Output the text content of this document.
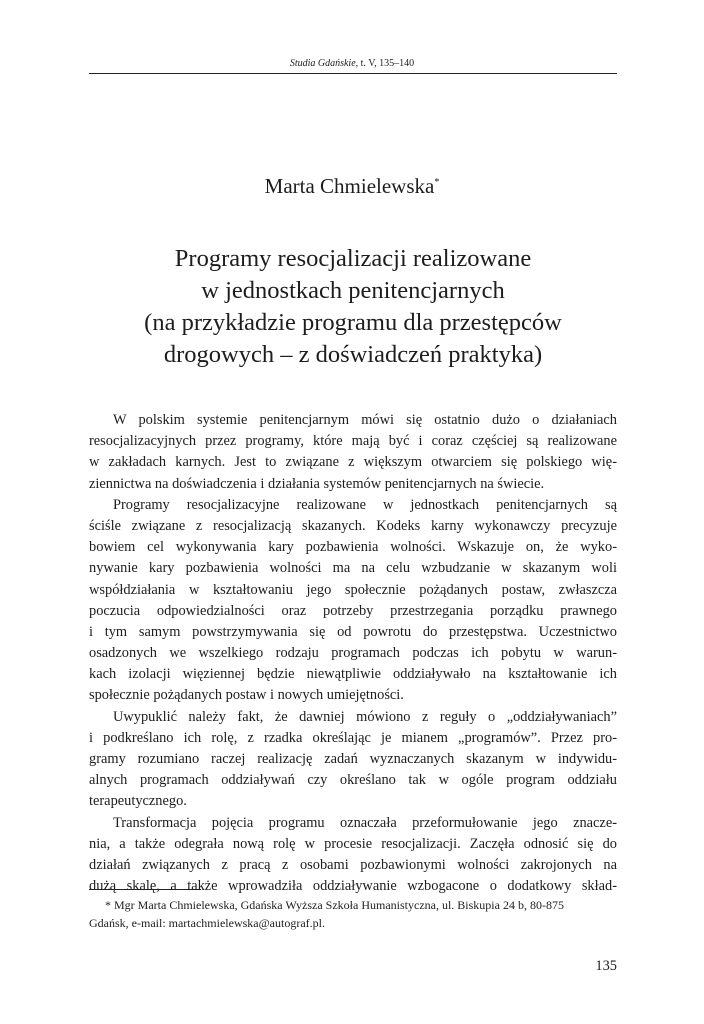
Studia Gdańskie, t. V, 135–140
Marta Chmielewska*
Programy resocjalizacji realizowane
w jednostkach penitencjarnych
(na przykładzie programu dla przestępców
drogowych – z doświadczeń praktyka)
W polskim systemie penitencjarnym mówi się ostatnio dużo o działaniach
resocjalizacyjnych przez programy, które mają być i coraz częściej są realizowane
w zakładach karnych. Jest to związane z większym otwarciem się polskiego wię-
ziennictwa na doświadczenia i działania systemów penitencjarnych na świecie.
Programy resocjalizacyjne realizowane w jednostkach penitencjarnych są
ściśle związane z resocjalizacją skazanych. Kodeks karny wykonawczy precyzuje
bowiem cel wykonywania kary pozbawienia wolności. Wskazuje on, że wyko-
nywanie kary pozbawienia wolności ma na celu wzbudzanie w skazanym woli
współdziałania w kształtowaniu jego społecznie pożądanych postaw, zwłaszcza
poczucia odpowiedzialności oraz potrzeby przestrzegania porządku prawnego
i tym samym powstrzymywania się od powrotu do przestępstwa. Uczestnictwo
osadzonych we wszelkiego rodzaju programach podczas ich pobytu w warun-
kach izolacji więziennej będzie niewątpliwie oddziaływało na kształtowanie ich
społecznie pożądanych postaw i nowych umiejętności.
Uwypuklić należy fakt, że dawniej mówiono z reguły o „oddziaływaniach”
i podkreślano ich rolę, z rzadka określając je mianem „programów”. Przez pro-
gramy rozumiano raczej realizację zadań wyznaczanych skazanym w indywidu-
alnych programach oddziaływań czy określano tak w ogóle program oddziału
terapeutycznego.
Transformacja pojęcia programu oznaczała przeformułowanie jego znacze-
nia, a także odegrała nową rolę w procesie resocjalizacji. Zaczęła odnosić się do
działań związanych z pracą z osobami pozbawionymi wolności zakrojonych na
dużą skalę, a także wprowadziła oddziaływanie wzbogacone o dodatkowy skład-
* Mgr Marta Chmielewska, Gdańska Wyższa Szkoła Humanistyczna, ul. Biskupia 24 b, 80-875
Gdańsk, e-mail: martachmielewska@autograf.pl.
135
